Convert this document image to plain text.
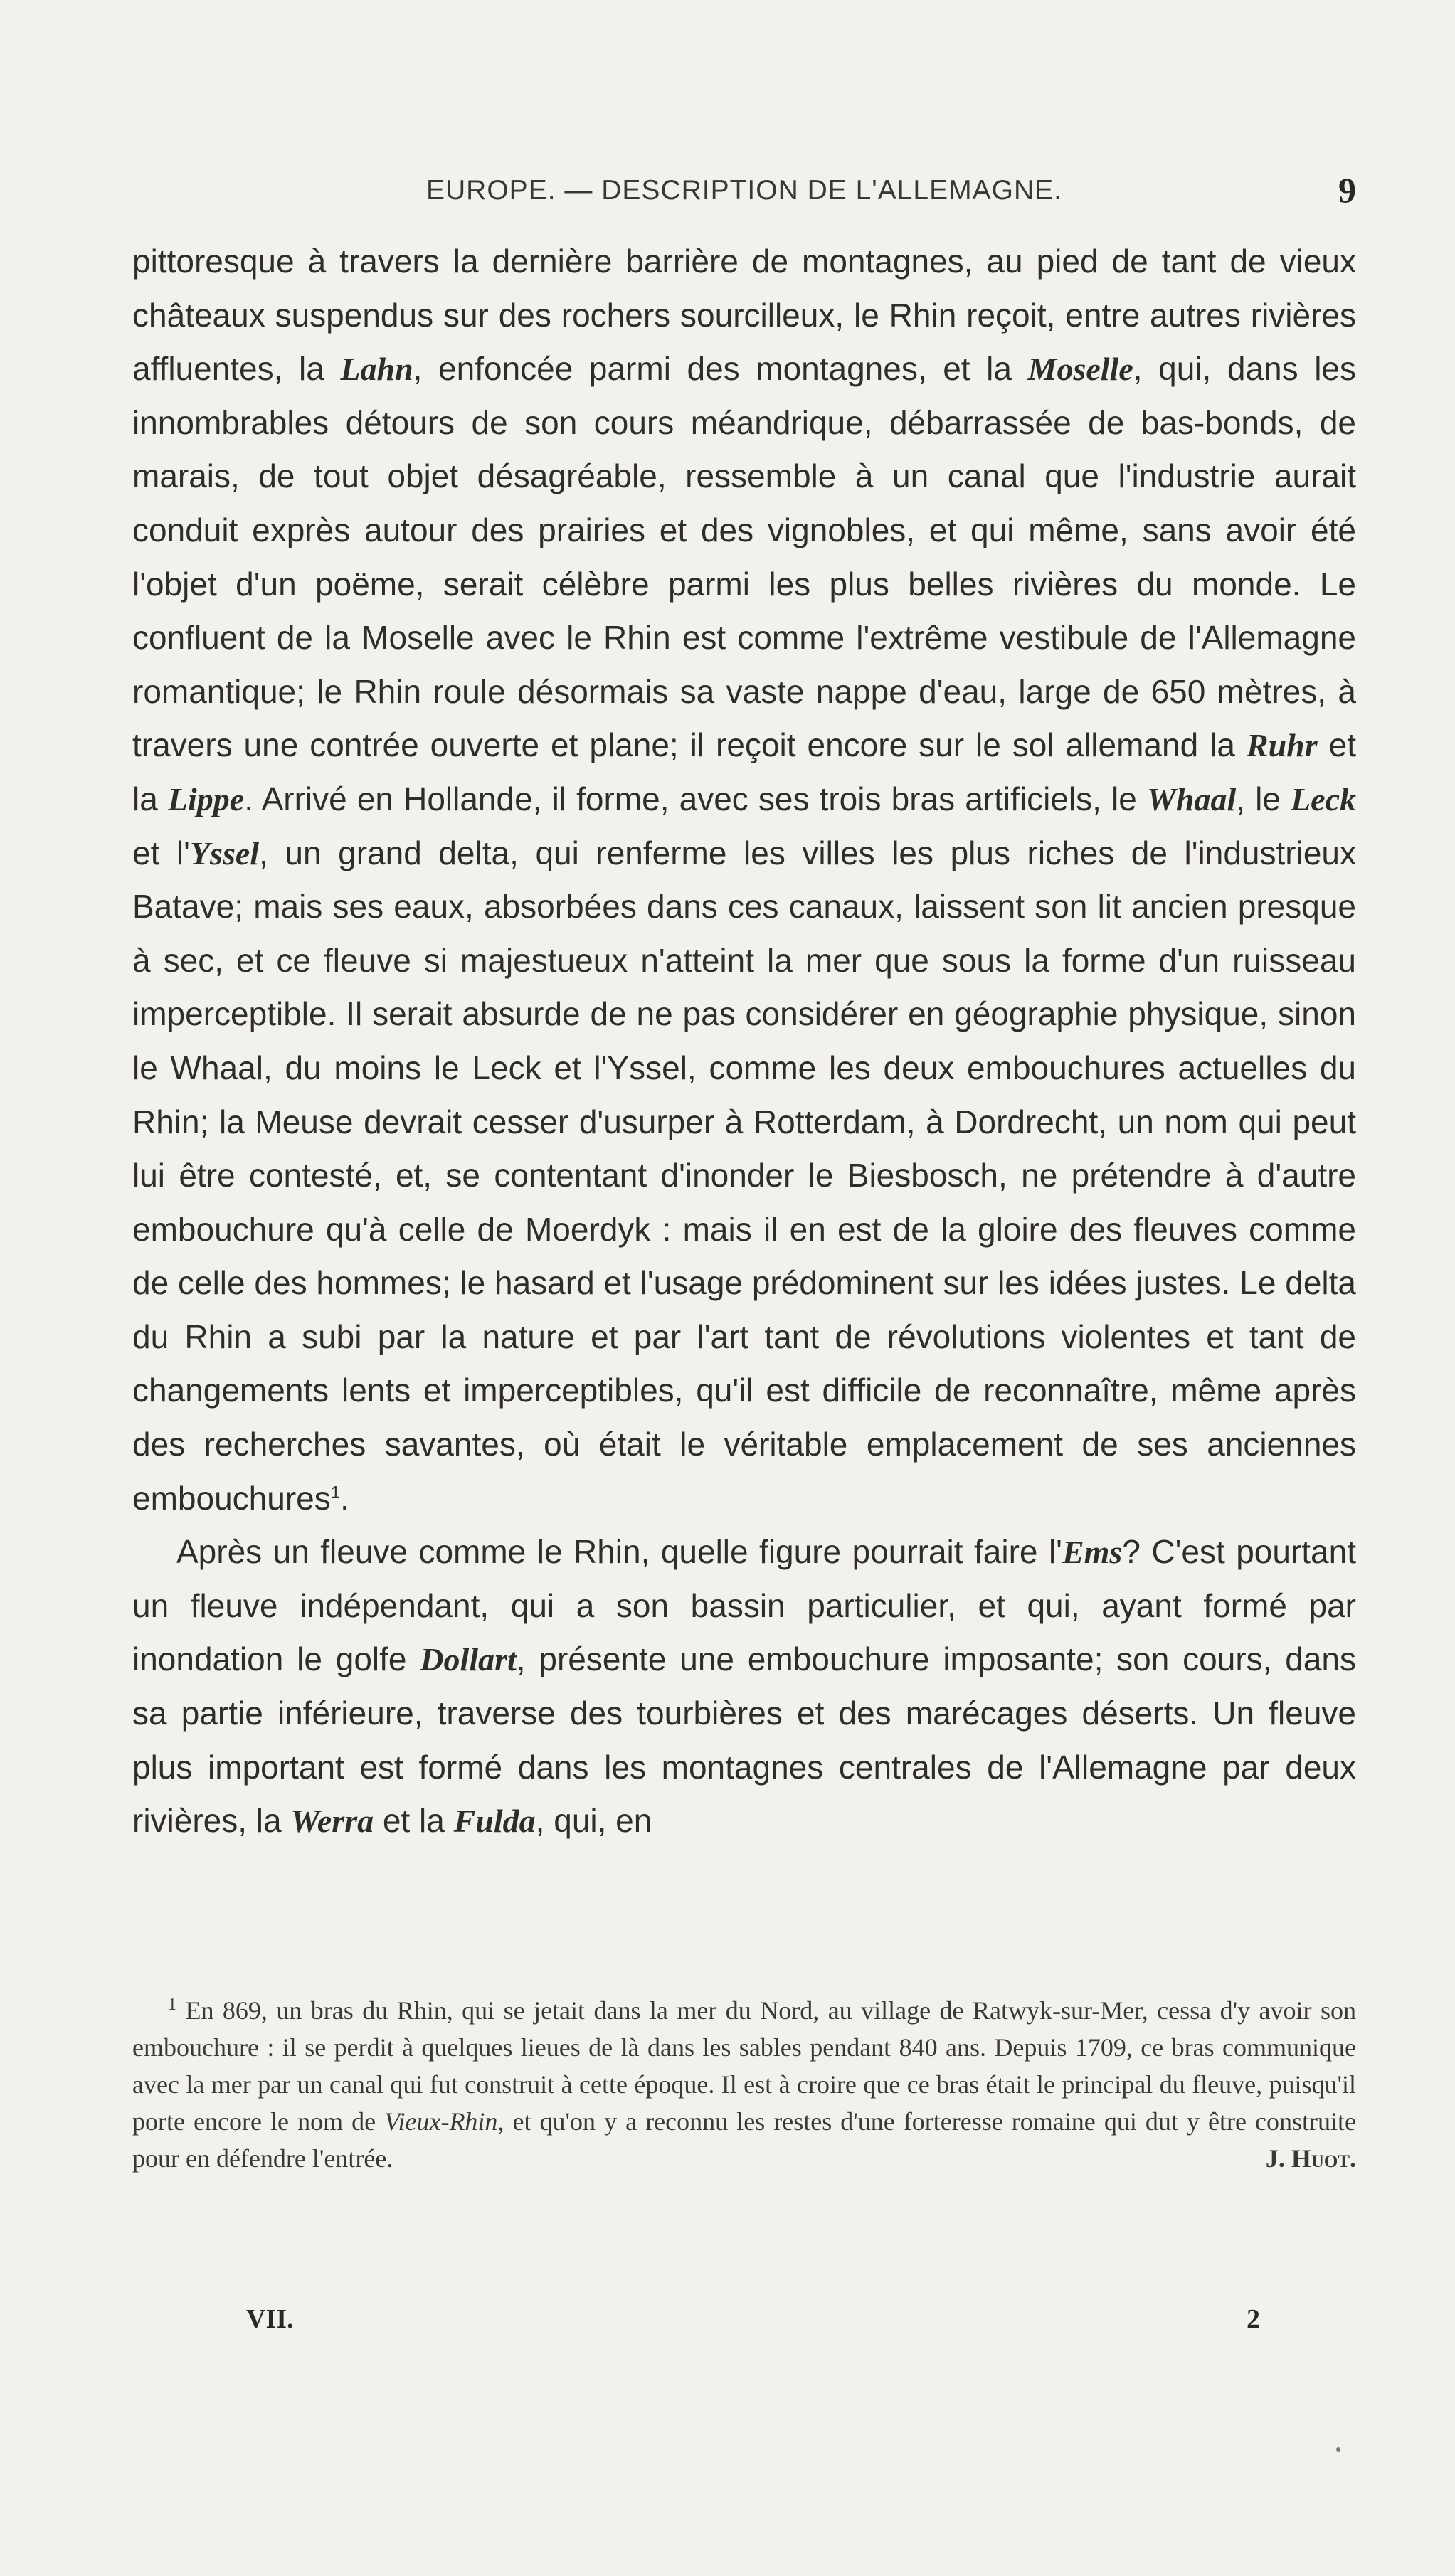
EUROPE. — DESCRIPTION DE L'ALLEMAGNE.	9

pittoresque à travers la dernière barrière de montagnes, au pied de tant de vieux châteaux suspendus sur des rochers sourcilleux, le Rhin reçoit, entre autres rivières affluentes, la Lahn, enfoncée parmi des montagnes, et la Moselle, qui, dans les innombrables détours de son cours méandrique, débarrassée de bas-bonds, de marais, de tout objet désagréable, ressemble à un canal que l'industrie aurait conduit exprès autour des prairies et des vignobles, et qui même, sans avoir été l'objet d'un poëme, serait célèbre parmi les plus belles rivières du monde. Le confluent de la Moselle avec le Rhin est comme l'extrême vestibule de l'Allemagne romantique; le Rhin roule désormais sa vaste nappe d'eau, large de 650 mètres, à travers une contrée ouverte et plane; il reçoit encore sur le sol allemand la Ruhr et la Lippe. Arrivé en Hollande, il forme, avec ses trois bras artificiels, le Whaal, le Leck et l'Yssel, un grand delta, qui renferme les villes les plus riches de l'industrieux Batave; mais ses eaux, absorbées dans ces canaux, laissent son lit ancien presque à sec, et ce fleuve si majestueux n'atteint la mer que sous la forme d'un ruisseau imperceptible. Il serait absurde de ne pas considérer en géographie physique, sinon le Whaal, du moins le Leck et l'Yssel, comme les deux embouchures actuelles du Rhin; la Meuse devrait cesser d'usurper à Rotterdam, à Dordrecht, un nom qui peut lui être contesté, et, se contentant d'inonder le Biesbosch, ne prétendre à d'autre embouchure qu'à celle de Moerdyk : mais il en est de la gloire des fleuves comme de celle des hommes; le hasard et l'usage prédominent sur les idées justes. Le delta du Rhin a subi par la nature et par l'art tant de révolutions violentes et tant de changements lents et imperceptibles, qu'il est difficile de reconnaître, même après des recherches savantes, où était le véritable emplacement de ses anciennes embouchures$^1$.

Après un fleuve comme le Rhin, quelle figure pourrait faire l'Ems? C'est pourtant un fleuve indépendant, qui a son bassin particulier, et qui, ayant formé par inondation le golfe Dollart, présente une embouchure imposante; son cours, dans sa partie inférieure, traverse des tourbières et des marécages déserts. Un fleuve plus important est formé dans les montagnes centrales de l'Allemagne par deux rivières, la Werra et la Fulda, qui, en

$^1$ En 869, un bras du Rhin, qui se jetait dans la mer du Nord, au village de Ratwyk-sur-Mer, cessa d'y avoir son embouchure : il se perdit à quelques lieues de là dans les sables pendant 840 ans. Depuis 1709, ce bras communique avec la mer par un canal qui fut construit à cette époque. Il est à croire que ce bras était le principal du fleuve, puisqu'il porte encore le nom de Vieux-Rhin, et qu'on y a reconnu les restes d'une forteresse romaine qui dut y être construite pour en défendre l'entrée.	J. Huot.

VII.	2
